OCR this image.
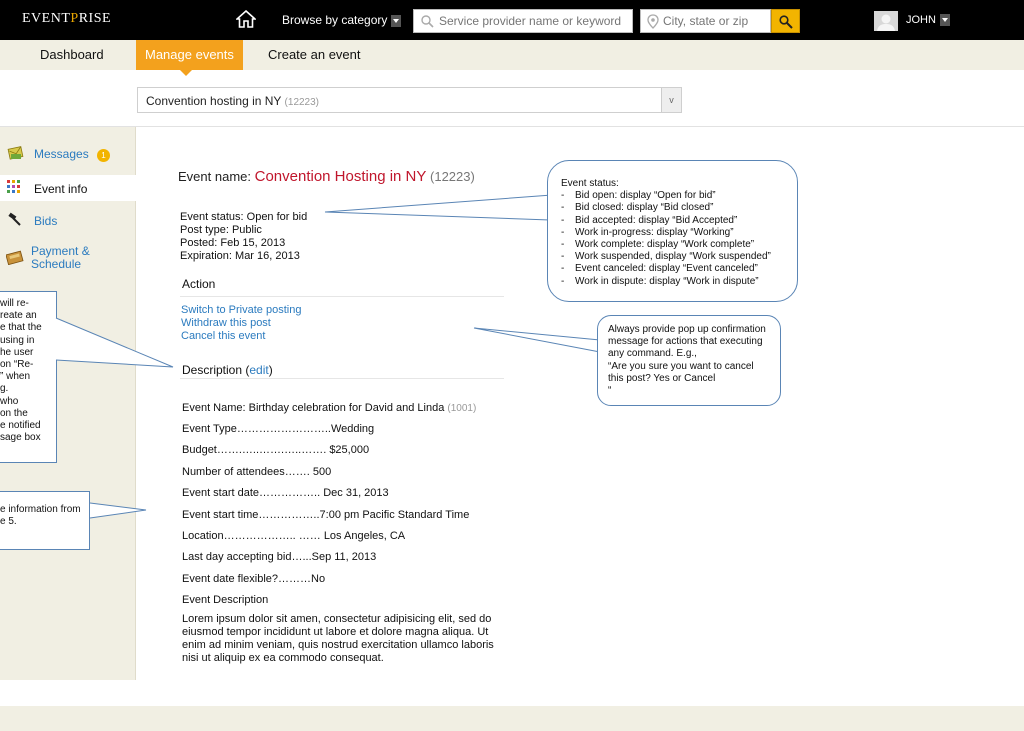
EVENTPRISE	Browse by category
Service provider name or keyword
City, state or zip	JOHN
Dashboard	Manage events	Create an event
Convention hosting in NY (12223)	v
Messages	1
Event info
Bids
Payment &
Schedule
will re-
reate an
e that the
using in
he user
on “Re-
” when
g.
who
on the
e notified
sage box
e information from
e 5.
Event name: Convention Hosting in NY (12223)
Event status: Open for bid
Post type: Public
Posted: Feb 15, 2013
Expiration: Mar 16, 2013
Action
Switch to Private posting
Withdraw this post
Cancel this event
Description (edit)
Event Name: Birthday celebration for David and Linda (1001)
Event Type……………………..Wedding
Budget…….…..…….…..……. $25,000
Number of attendees……. 500
Event start date…………….. Dec 31, 2013
Event start time……………..7:00 pm Pacific Standard Time
Location……………….. …… Los Angeles, CA
Last day accepting bid…...Sep 11, 2013
Event date flexible?………No
Event Description
Lorem ipsum dolor sit amen, consectetur adipisicing elit, sed do eiusmod tempor incididunt ut labore et dolore magna aliqua. Ut enim ad minim veniam, quis nostrud exercitation ullamco laboris nisi ut aliquip ex ea commodo consequat.
Event status:
- Bid open: display “Open for bid”
- Bid closed: display “Bid closed”
- Bid accepted: display “Bid Accepted”
- Work in-progress: display “Working”
- Work complete: display “Work complete”
- Work suspended, display “Work suspended”
- Event canceled: display “Event canceled”
- Work in dispute: display “Work in dispute”
Always provide pop up confirmation
message for actions that executing
any command. E.g.,
“Are you sure you want to cancel
this post? Yes or Cancel
“
